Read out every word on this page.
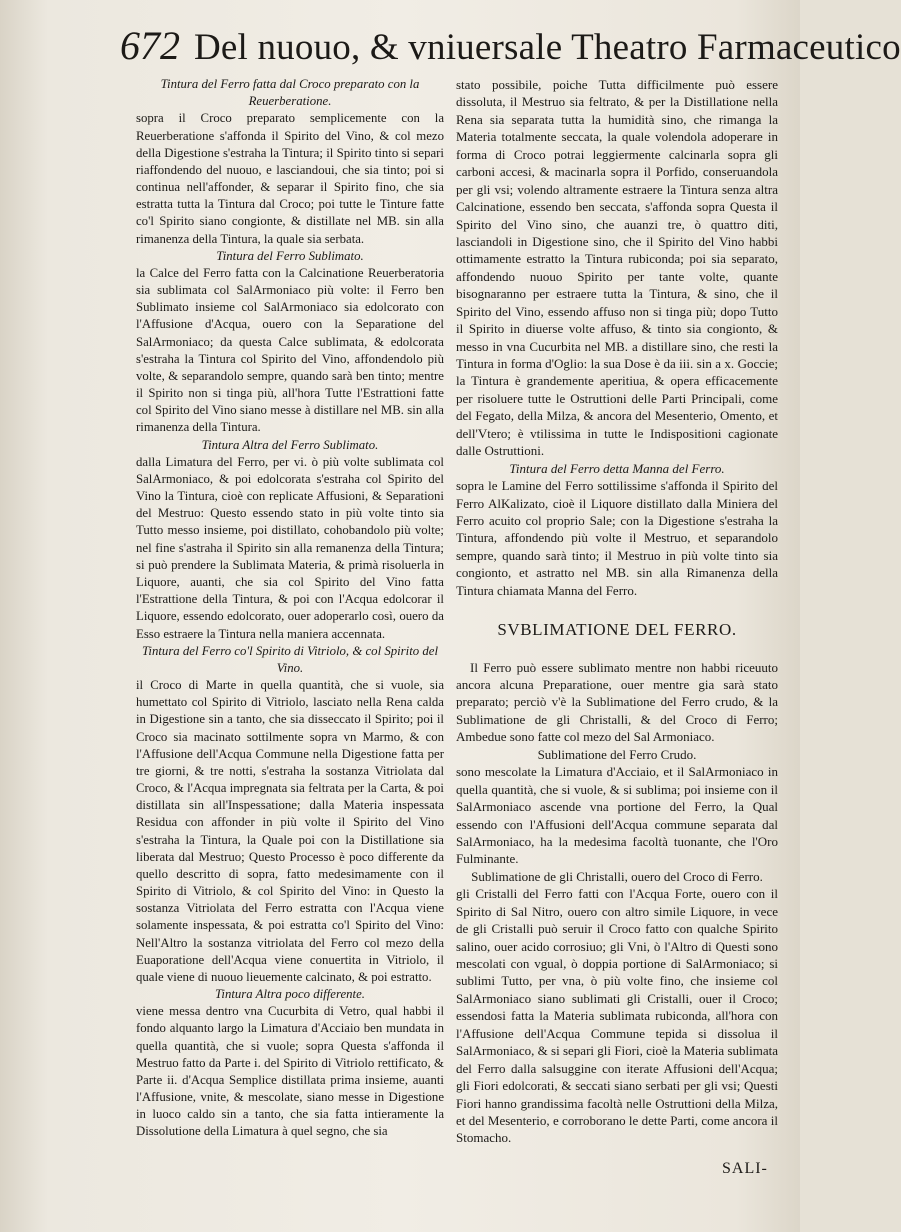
672 Del nuouo, & vniuersale Theatro Farmaceutico

Tintura del Ferro fatta dal Croco preparato con la Reuerberatione.

sopra il Croco preparato semplicemente con la Reuerberatione s'affonda il Spirito del Vino, & col mezo della Digestione s'estraha la Tintura; il Spirito tinto si separi riaffondendo del nuouo, e lasciandoui, che sia tinto; poi si continua nell'affonder, & separar il Spirito fino, che sia estratta tutta la Tintura dal Croco; poi tutte le Tinture fatte co'l Spirito siano congionte, & distillate nel MB. sin alla rimanenza della Tintura, la quale sia serbata.

Tintura del Ferro Sublimato.

la Calce del Ferro fatta con la Calcinatione Reuerberatoria sia sublimata col SalArmoniaco più volte: il Ferro ben Sublimato insieme col SalArmoniaco sia edolcorato con l'Affusione d'Acqua, ouero con la Separatione del SalArmoniaco; da questa Calce sublimata, & edolcorata s'estraha la Tintura col Spirito del Vino, affondendolo più volte, & separandolo sempre, quando sarà ben tinto; mentre il Spirito non si tinga più, all'hora Tutte l'Estrattioni fatte col Spirito del Vino siano messe à distillare nel MB. sin alla rimanenza della Tintura.

Tintura Altra del Ferro Sublimato.

dalla Limatura del Ferro, per vi. ò più volte sublimata col SalArmoniaco, & poi edolcorata s'estraha col Spirito del Vino la Tintura, cioè con replicate Affusioni, & Separationi del Mestruo: Questo essendo stato in più volte tinto sia Tutto messo insieme, poi distillato, cohobandolo più volte; nel fine s'astraha il Spirito sin alla remanenza della Tintura; si può prendere la Sublimata Materia, & primà risoluerla in Liquore, auanti, che sia col Spirito del Vino fatta l'Estrattione della Tintura, & poi con l'Acqua edolcorar il Liquore, essendo edolcorato, ouer adoperarlo così, ouero da Esso estraere la Tintura nella maniera accennata.

Tintura del Ferro co'l Spirito di Vitriolo, & col Spirito del Vino.

il Croco di Marte in quella quantità, che si vuole, sia humettato col Spirito di Vitriolo, lasciato nella Rena calda in Digestione sin a tanto, che sia disseccato il Spirito; poi il Croco sia macinato sottilmente sopra vn Marmo, & con l'Affusione dell'Acqua Commune nella Digestione fatta per tre giorni, & tre notti, s'estraha la sostanza Vitriolata dal Croco, & l'Acqua impregnata sia feltrata per la Carta, & poi distillata sin all'Inspessatione; dalla Materia inspessata Residua con affonder in più volte il Spirito del Vino s'estraha la Tintura, la Quale poi con la Distillatione sia liberata dal Mestruo; Questo Processo è poco differente da quello descritto di sopra, fatto medesimamente con il Spirito di Vitriolo, & col Spirito del Vino: in Questo la sostanza Vitriolata del Ferro estratta con l'Acqua viene solamente inspessata, & poi estratta co'l Spirito del Vino: Nell'Altro la sostanza vitriolata del Ferro col mezo della Euaporatione dell'Acqua viene conuertita in Vitriolo, il quale viene di nuouo lieuemente calcinato, & poi estratto.

Tintura Altra poco differente.

viene messa dentro vna Cucurbita di Vetro, qual habbi il fondo alquanto largo la Limatura d'Acciaio ben mundata in quella quantità, che si vuole; sopra Questa s'affonda il Mestruo fatto da Parte i. del Spirito di Vitriolo rettificato, & Parte ii. d'Acqua Semplice distillata prima insieme, auanti l'Affusione, vnite, & mescolate, siano messe in Digestione in luoco caldo sin a tanto, che sia fatta intieramente la Dissolutione della Limatura à quel segno, che sia

stato possibile, poiche Tutta difficilmente può essere dissoluta, il Mestruo sia feltrato, & per la Distillatione nella Rena sia separata tutta la humidità sino, che rimanga la Materia totalmente seccata, la quale volendola adoperare in forma di Croco potrai leggiermente calcinarla sopra gli carboni accesi, & macinarla sopra il Porfido, conseruandola per gli vsi; volendo altramente estraere la Tintura senza altra Calcinatione, essendo ben seccata, s'affonda sopra Questa il Spirito del Vino sino, che auanzi tre, ò quattro diti, lasciandoli in Digestione sino, che il Spirito del Vino habbi ottimamente estratto la Tintura rubiconda; poi sia separato, affondendo nuouo Spirito per tante volte, quante bisognaranno per estraere tutta la Tintura, & sino, che il Spirito del Vino, essendo affuso non si tinga più; dopo Tutto il Spirito in diuerse volte affuso, & tinto sia congionto, & messo in vna Cucurbita nel MB. a distillare sino, che resti la Tintura in forma d'Oglio: la sua Dose è da iii. sin a x. Goccie; la Tintura è grandemente aperitiua, & opera efficacemente per risoluere tutte le Ostruttioni delle Parti Principali, come del Fegato, della Milza, & ancora del Mesenterio, Omento, et dell'Vtero; è vtilissima in tutte le Indispositioni cagionate dalle Ostruttioni.

Tintura del Ferro detta Manna del Ferro.

sopra le Lamine del Ferro sottilissime s'affonda il Spirito del Ferro AlKalizato, cioè il Liquore distillato dalla Miniera del Ferro acuito col proprio Sale; con la Digestione s'estraha la Tintura, affondendo più volte il Mestruo, et separandolo sempre, quando sarà tinto; il Mestruo in più volte tinto sia congionto, et astratto nel MB. sin alla Rimanenza della Tintura chiamata Manna del Ferro.

SVBLIMATIONE DEL FERRO.

Il Ferro può essere sublimato mentre non habbi riceuuto ancora alcuna Preparatione, ouer mentre gia sarà stato preparato; perciò v'è la Sublimatione del Ferro crudo, & la Sublimatione de gli Christalli, & del Croco di Ferro; Ambedue sono fatte col mezo del Sal Armoniaco.

Sublimatione del Ferro Crudo.

sono mescolate la Limatura d'Acciaio, et il SalArmoniaco in quella quantità, che si vuole, & si sublima; poi insieme con il SalArmoniaco ascende vna portione del Ferro, la Qual essendo con l'Affusioni dell'Acqua commune separata dal SalArmoniaco, ha la medesima facoltà tuonante, che l'Oro Fulminante.

Sublimatione de gli Christalli, ouero del Croco di Ferro.

gli Cristalli del Ferro fatti con l'Acqua Forte, ouero con il Spirito di Sal Nitro, ouero con altro simile Liquore, in vece de gli Cristalli può seruir il Croco fatto con qualche Spirito salino, ouer acido corrosiuo; gli Vni, ò l'Altro di Questi sono mescolati con vgual, ò doppia portione di SalArmoniaco; si sublimi Tutto, per vna, ò più volte fino, che insieme col SalArmoniaco siano sublimati gli Cristalli, ouer il Croco; essendosi fatta la Materia sublimata rubiconda, all'hora con l'Affusione dell'Acqua Commune tepida si dissolua il SalArmoniaco, & si separi gli Fiori, cioè la Materia sublimata del Ferro dalla salsuggine con iterate Affusioni dell'Acqua; gli Fiori edolcorati, & seccati siano serbati per gli vsi; Questi Fiori hanno grandissima facoltà nelle Ostruttioni della Milza, et del Mesenterio, e corroborano le dette Parti, come ancora il Stomacho.

SALI-
